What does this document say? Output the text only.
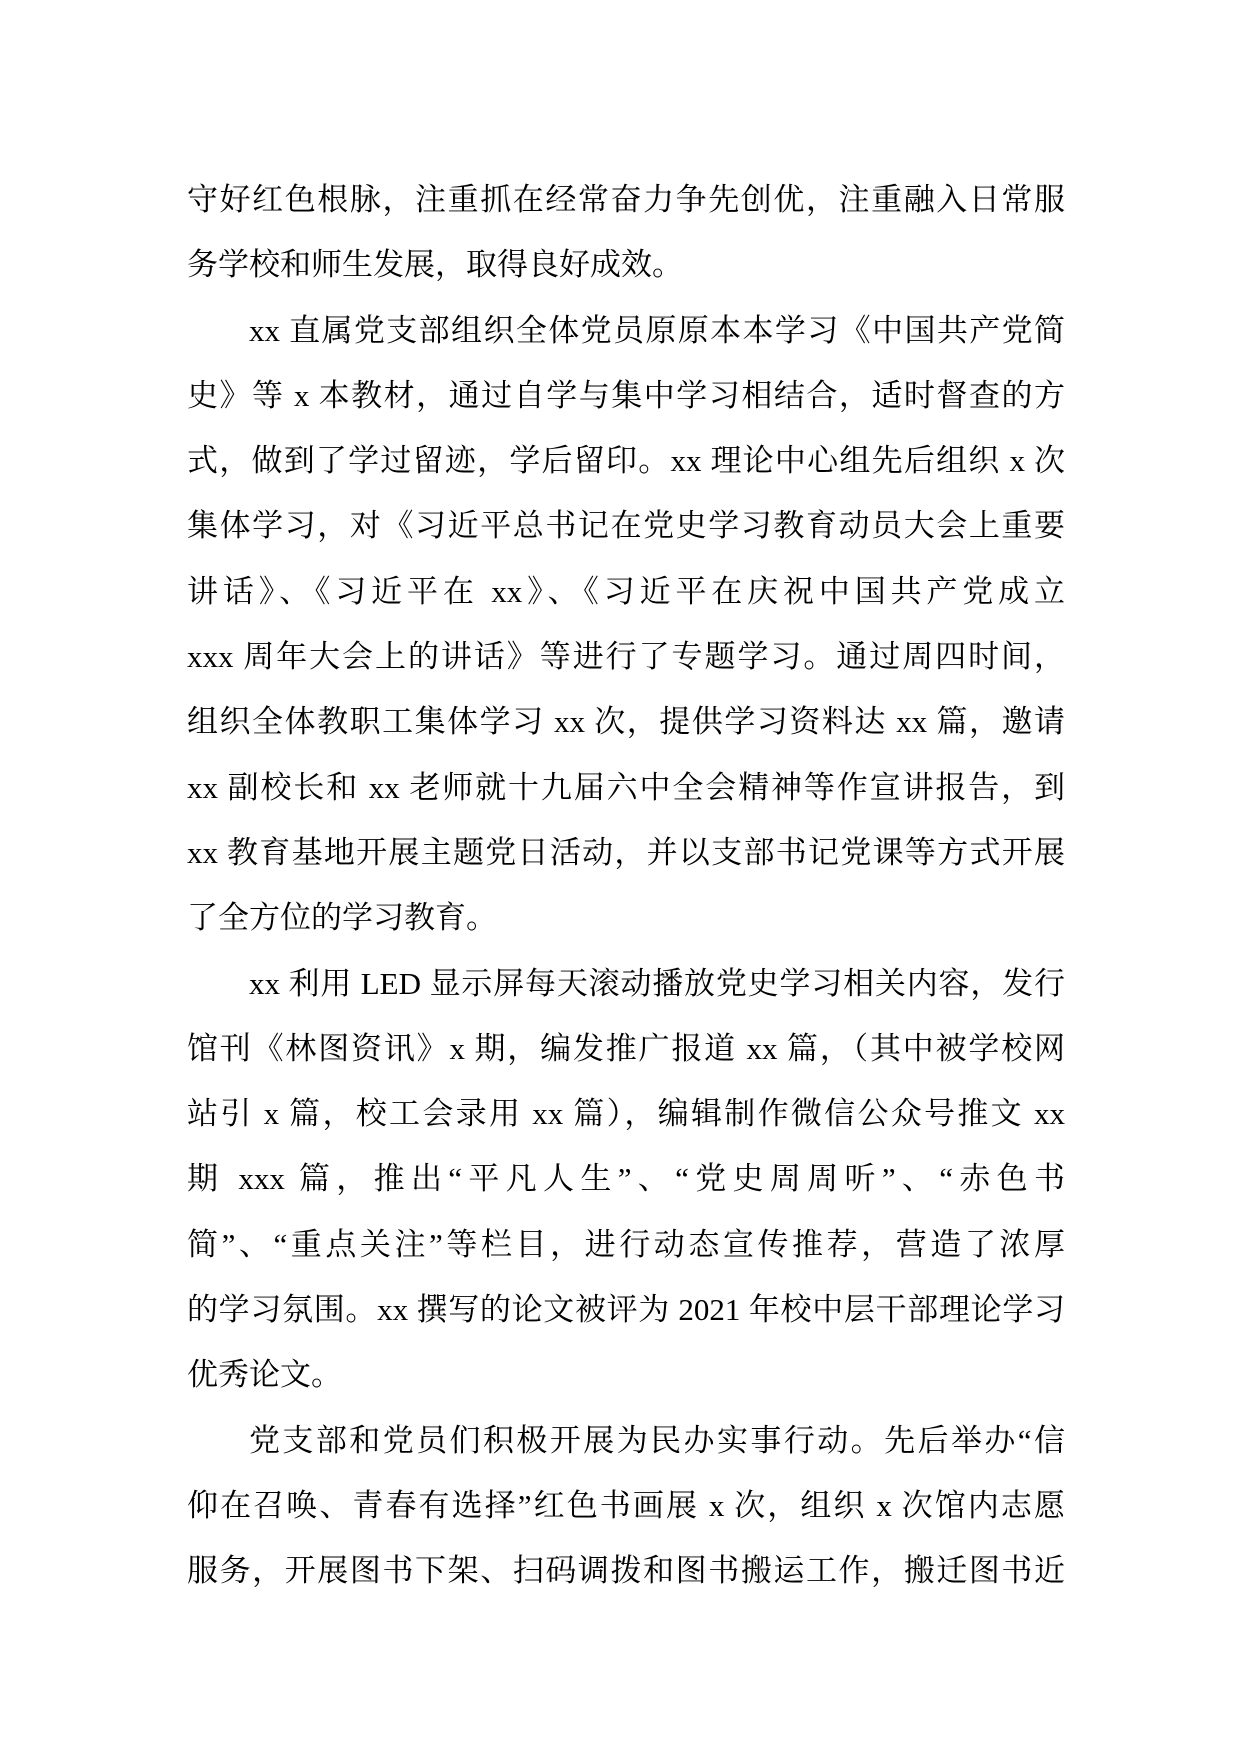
守好红色根脉，注重抓在经常奋力争先创优，注重融入日常服
务学校和师生发展，取得良好成效。
xx 直属党支部组织全体党员原原本本学习《中国共产党简
史》等 x 本教材，通过自学与集中学习相结合，适时督查的方
式，做到了学过留迹，学后留印。xx 理论中心组先后组织 x 次
集体学习，对《习近平总书记在党史学习教育动员大会上重要
讲话》、《习近平在 xx》、《习近平在庆祝中国共产党成立
xxx 周年大会上的讲话》等进行了专题学习。通过周四时间，
组织全体教职工集体学习 xx 次，提供学习资料达 xx 篇，邀请
xx 副校长和 xx 老师就十九届六中全会精神等作宣讲报告，到
xx 教育基地开展主题党日活动，并以支部书记党课等方式开展
了全方位的学习教育。
xx 利用 LED 显示屏每天滚动播放党史学习相关内容，发行
馆刊《林图资讯》x 期，编发推广报道 xx 篇，（其中被学校网
站引 x 篇，校工会录用 xx 篇），编辑制作微信公众号推文 xx
期 xxx 篇，推出“平凡人生”、“党史周周听”、“赤色书
简”、“重点关注”等栏目，进行动态宣传推荐，营造了浓厚
的学习氛围。xx 撰写的论文被评为 2021 年校中层干部理论学习
优秀论文。
党支部和党员们积极开展为民办实事行动。先后举办“信
仰在召唤、青春有选择”红色书画展 x 次，组织 x 次馆内志愿
服务，开展图书下架、扫码调拨和图书搬运工作，搬迁图书近
